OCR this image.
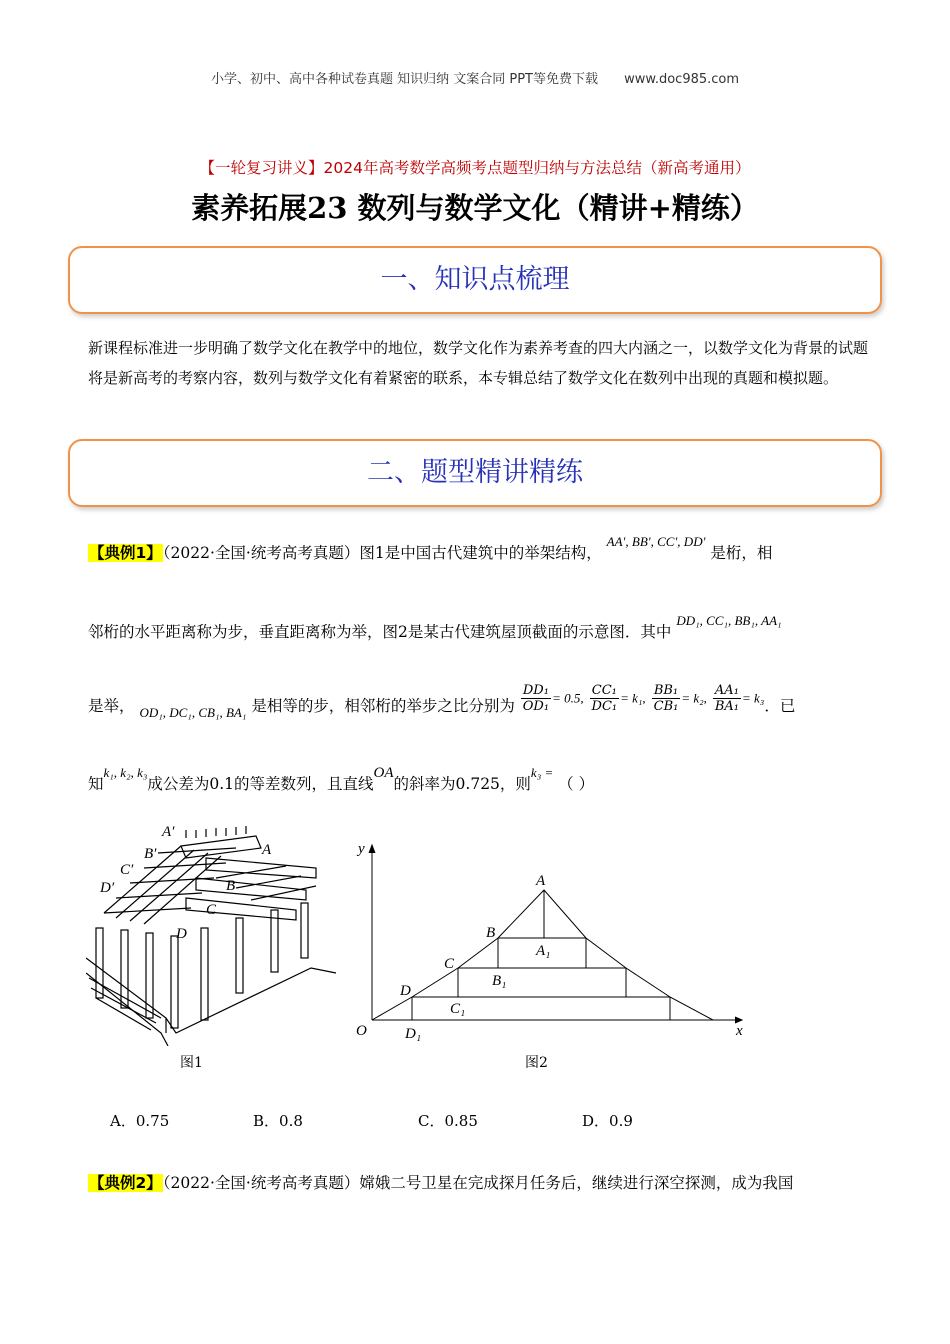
小学、初中、高中各种试卷真题 知识归纳 文案合同 PPT等免费下载 www.doc985.com
【一轮复习讲义】2024年高考数学高频考点题型归纳与方法总结（新高考通用）
素养拓展23 数列与数学文化（精讲+精练）
一、知识点梳理
新课程标准进一步明确了数学文化在教学中的地位，数学文化作为素养考查的四大内涵之一，以数学文化为背景的试题将是新高考的考察内容，数列与数学文化有着紧密的联系，本专辑总结了数学文化在数列中出现的真题和模拟题。
二、题型精讲精练
【典例1】（2022·全国·统考高考真题）图1是中国古代建筑中的举架结构， $^{AA', BB', CC', DD'}$ 是桁，相
邻桁的水平距离称为步，垂直距离称为举，图2是某古代建筑屋顶截面的示意图．其中 $^{DD_1, CC_1, BB_1, AA_1}$
是举， $_{OD_1, DC_1, CB_1, BA_1}$ 是相等的步，相邻桁的举步之比分别为 $\frac{\text{DD₁}}{\text{OD₁}} = 0.5$, $\frac{\text{CC₁}}{\text{DC₁}} = k_1$, $\frac{\text{BB₁}}{\text{CB₁}} = k_2$, $\frac{\text{AA₁}}{\text{BA₁}} = k_3$．已
知$^{k_1, k_2, k_3}$成公差为0.1的等差数列，且直线OA的斜率为0.725，则$^{k_3 =}$ （ ）
A′
B′
C′
D′
A
B
C
D
图1
y
x
O
A
B
C
D
A₁
B₁
C₁
D₁
图2
A．0.75	B．0.8	C．0.85	D．0.9
【典例2】（2022·全国·统考高考真题）嫦娥二号卫星在完成探月任务后，继续进行深空探测，成为我国
